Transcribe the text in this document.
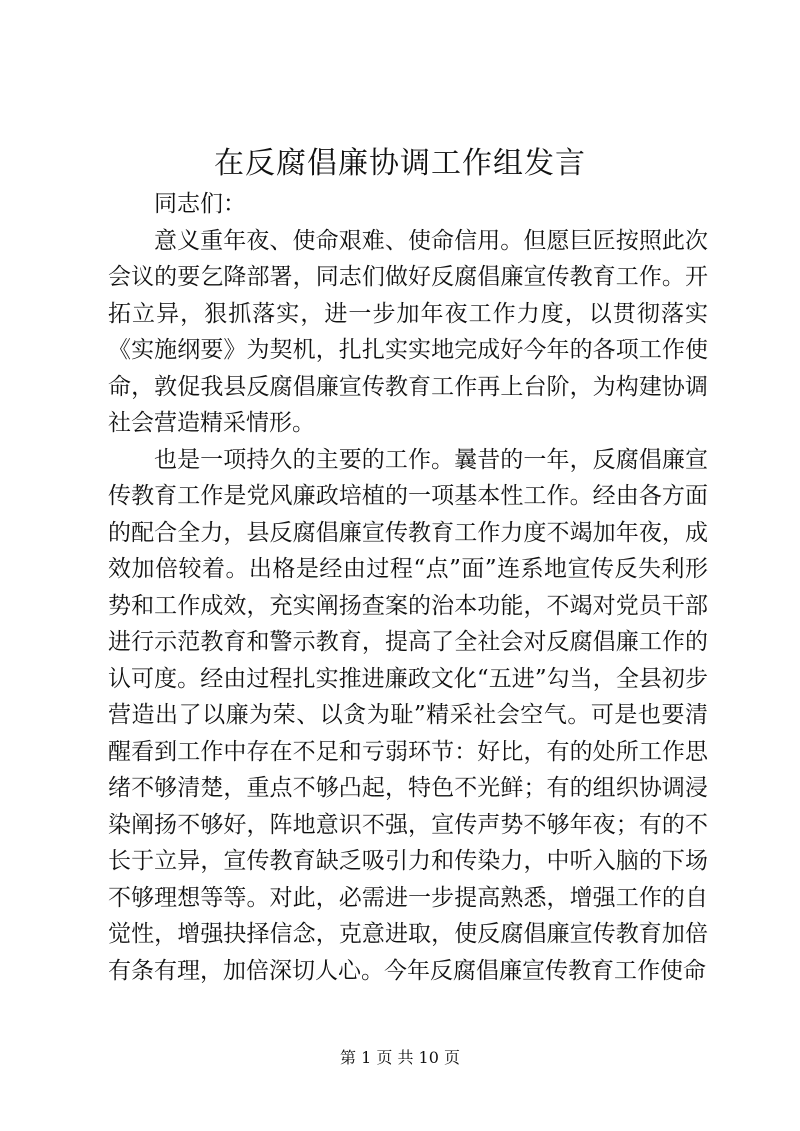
在反腐倡廉协调工作组发言

同志们：

意义重年夜、使命艰难、使命信用。但愿巨匠按照此次会议的要乞降部署，同志们做好反腐倡廉宣传教育工作。开拓立异，狠抓落实，进一步加年夜工作力度，以贯彻落实《实施纲要》为契机，扎扎实实地完成好今年的各项工作使命，敦促我县反腐倡廉宣传教育工作再上台阶，为构建协调社会营造精采情形。

也是一项持久的主要的工作。曩昔的一年，反腐倡廉宣传教育工作是党风廉政培植的一项基本性工作。经由各方面的配合全力，县反腐倡廉宣传教育工作力度不竭加年夜，成效加倍较着。出格是经由过程“点”面”连系地宣传反失利形势和工作成效，充实阐扬查案的治本功能，不竭对党员干部进行示范教育和警示教育，提高了全社会对反腐倡廉工作的认可度。经由过程扎实推进廉政文化“五进”勾当，全县初步营造出了以廉为荣、以贪为耻”精采社会空气。可是也要清醒看到工作中存在不足和亏弱环节：好比，有的处所工作思绪不够清楚，重点不够凸起，特色不光鲜；有的组织协调浸染阐扬不够好，阵地意识不强，宣传声势不够年夜；有的不长于立异，宣传教育缺乏吸引力和传染力，中听入脑的下场不够理想等等。对此，必需进一步提高熟悉，增强工作的自觉性，增强抉择信念，克意进取，使反腐倡廉宣传教育加倍有条有理，加倍深切人心。今年反腐倡廉宣传教育工作使命

第 1 页 共 10 页
